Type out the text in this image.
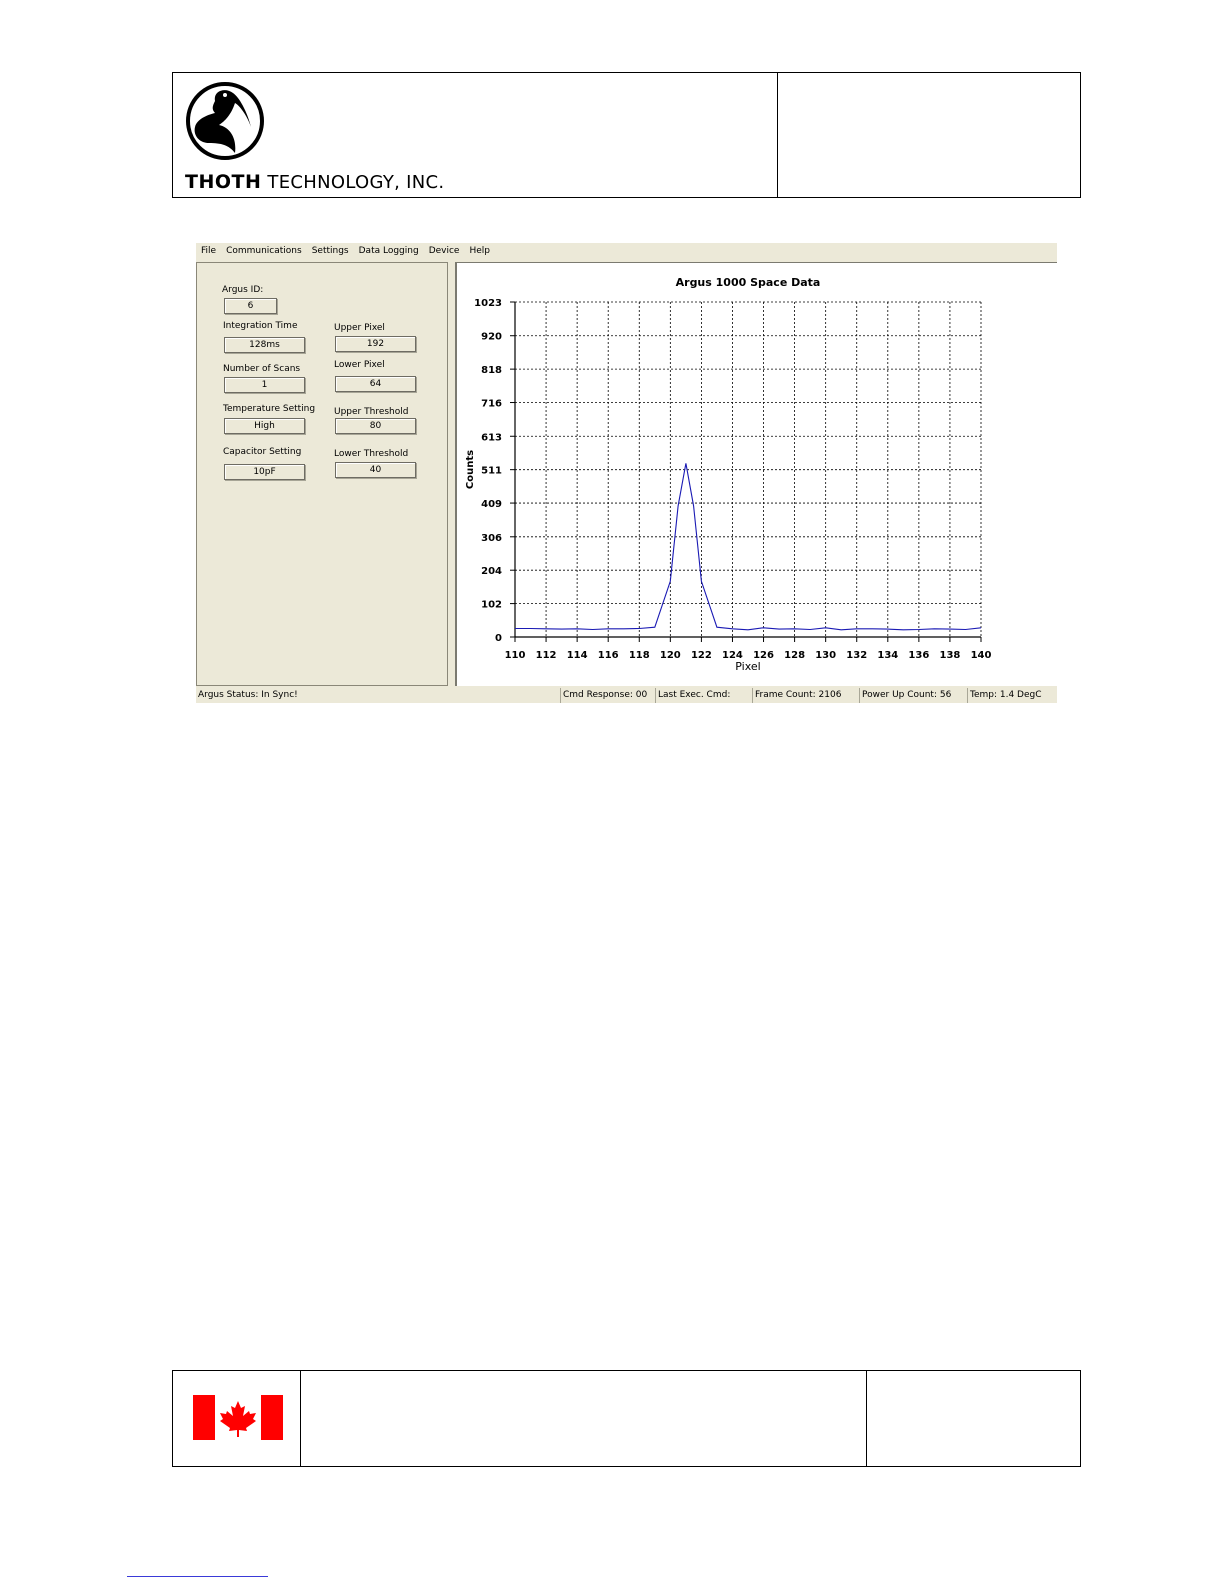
THOTH TECHNOLOGY, INC.
File	Communications	Settings	Data Logging	Device	Help
Argus ID:
6
Integration Time
128ms
Number of Scans
1
Temperature Setting
High
Capacitor Setting
10pF
Upper Pixel
192
Lower Pixel
64
Upper Threshold
80
Lower Threshold
40
Argus 1000 Space Data
1023
920
818
716
613
511
409
306
204
102
0
110 112 114 116 118 120 122 124 126 128 130 132 134 136 138 140
Pixel
Counts
Argus Status: In Sync!	Cmd Response: 00	Last Exec. Cmd:	Frame Count: 2106	Power Up Count: 56	Temp: 1.4 DegC
